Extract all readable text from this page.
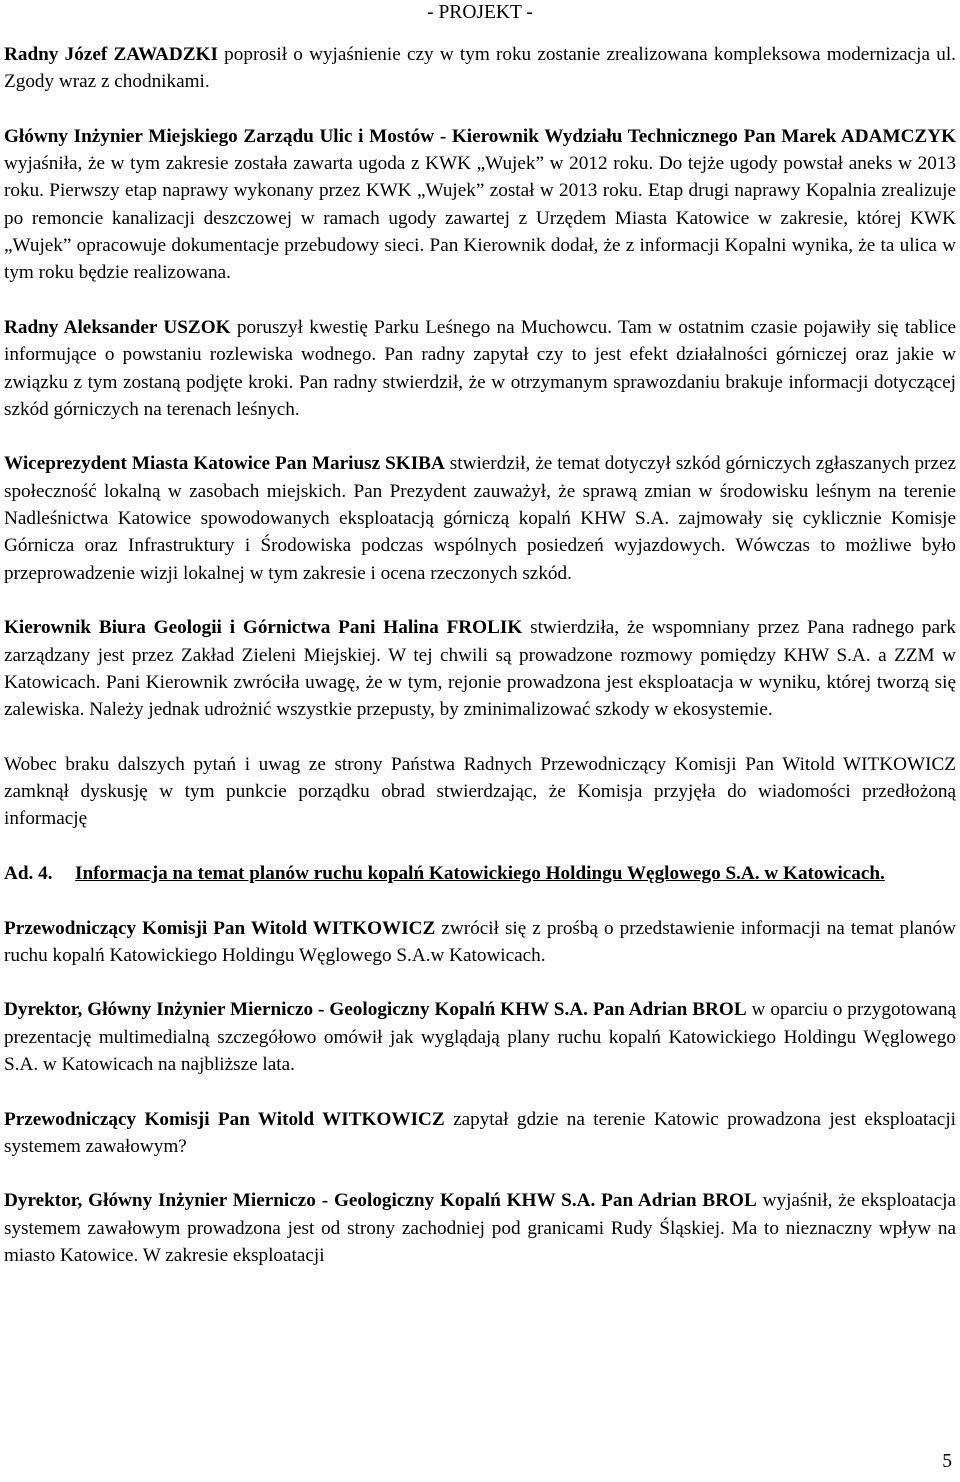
- PROJEKT -

Radny Józef ZAWADZKI poprosił o wyjaśnienie czy w tym roku zostanie zrealizowana kompleksowa modernizacja ul. Zgody wraz z chodnikami.

Główny Inżynier Miejskiego Zarządu Ulic i Mostów - Kierownik Wydziału Technicznego Pan Marek ADAMCZYK wyjaśniła, że w tym zakresie została zawarta ugoda z KWK „Wujek” w 2012 roku. Do tejże ugody powstał aneks w 2013 roku. Pierwszy etap naprawy wykonany przez KWK „Wujek” został w 2013 roku. Etap drugi naprawy Kopalnia zrealizuje po remoncie kanalizacji deszczowej w ramach ugody zawartej z Urzędem Miasta Katowice w zakresie, której KWK „Wujek” opracowuje dokumentacje przebudowy sieci. Pan Kierownik dodał, że z informacji Kopalni wynika, że ta ulica w tym roku będzie realizowana.

Radny Aleksander USZOK poruszył kwestię Parku Leśnego na Muchowcu. Tam w ostatnim czasie pojawiły się tablice informujące o powstaniu rozlewiska wodnego. Pan radny zapytał czy to jest efekt działalności górniczej oraz jakie w związku z tym zostaną podjęte kroki. Pan radny stwierdził, że w otrzymanym sprawozdaniu brakuje informacji dotyczącej szkód górniczych na terenach leśnych.

Wiceprezydent Miasta Katowice Pan Mariusz SKIBA stwierdził, że temat dotyczył szkód górniczych zgłaszanych przez społeczność lokalną w zasobach miejskich. Pan Prezydent zauważył, że sprawą zmian w środowisku leśnym na terenie Nadleśnictwa Katowice spowodowanych eksploatacją górniczą kopalń KHW S.A. zajmowały się cyklicznie Komisje Górnicza oraz Infrastruktury i Środowiska podczas wspólnych posiedzeń wyjazdowych. Wówczas to możliwe było przeprowadzenie wizji lokalnej w tym zakresie i ocena rzeczonych szkód.

Kierownik Biura Geologii i Górnictwa Pani Halina FROLIK stwierdziła, że wspomniany przez Pana radnego park zarządzany jest przez Zakład Zieleni Miejskiej. W tej chwili są prowadzone rozmowy pomiędzy KHW S.A. a ZZM w Katowicach. Pani Kierownik zwróciła uwagę, że w tym, rejonie prowadzona jest eksploatacja w wyniku, której tworzą się zalewiska. Należy jednak udrożnić wszystkie przepusty, by zminimalizować szkody w ekosystemie.

Wobec braku dalszych pytań i uwag ze strony Państwa Radnych Przewodniczący Komisji Pan Witold WITKOWICZ zamknął dyskusję w tym punkcie porządku obrad stwierdzając, że Komisja przyjęła do wiadomości przedłożoną informację

Ad. 4.	Informacja na temat planów ruchu kopalń Katowickiego Holdingu Węglowego S.A. w Katowicach.

Przewodniczący Komisji Pan Witold WITKOWICZ zwrócił się z prośbą o przedstawienie informacji na temat planów ruchu kopalń Katowickiego Holdingu Węglowego S.A.w Katowicach.

Dyrektor, Główny Inżynier Mierniczo - Geologiczny Kopalń KHW S.A. Pan Adrian BROL w oparciu o przygotowaną prezentację multimedialną szczegółowo omówił jak wyglądają plany ruchu kopalń Katowickiego Holdingu Węglowego S.A. w Katowicach na najbliższe lata.

Przewodniczący Komisji Pan Witold WITKOWICZ zapytał gdzie na terenie Katowic prowadzona jest eksploatacji systemem zawałowym?

Dyrektor, Główny Inżynier Mierniczo - Geologiczny Kopalń KHW S.A. Pan Adrian BROL wyjaśnił, że eksploatacja systemem zawałowym prowadzona jest od strony zachodniej pod granicami Rudy Śląskiej. Ma to nieznaczny wpływ na miasto Katowice. W zakresie eksploatacji

5
